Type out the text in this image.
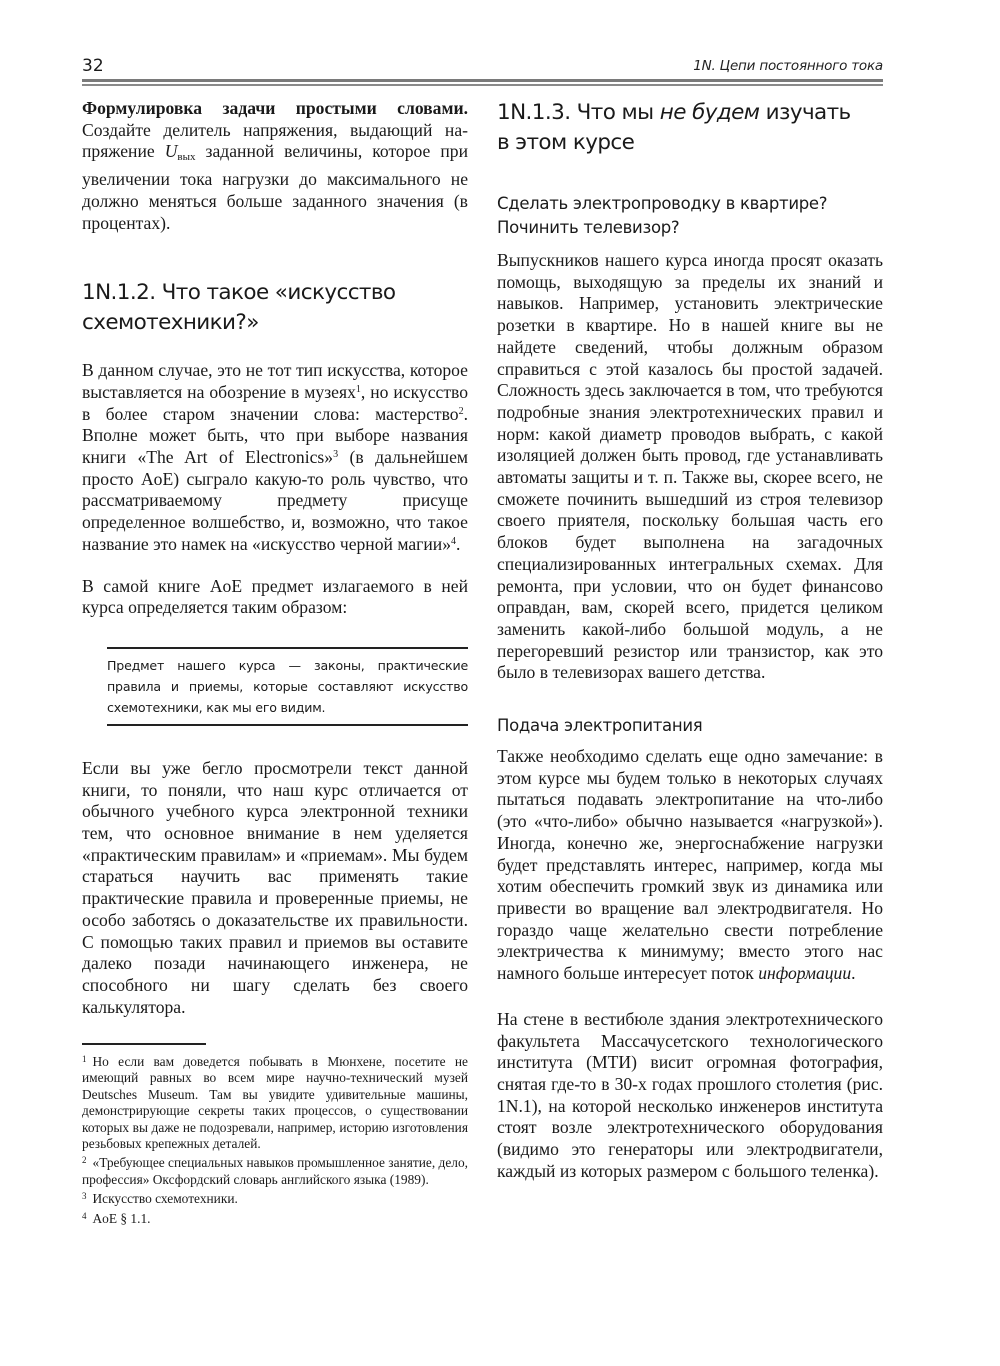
32	1N. Цепи постоянного тока

Формулировка задачи простыми словами. Создайте делитель напряжения, выдающий напряжение $U_{вых}$ заданной величины, которое при увеличении тока нагрузки до максимального не должно меняться больше заданного значения (в процентах).

1N.1.2. Что такое «искусство
схемотехники?»

В данном случае, это не тот тип искусства, которое выставляется на обозрение в музеях$^1$, но искусство в более старом значении слова: мастерство$^2$. Вполне может быть, что при выборе названия книги «The Art of Electronics»$^3$ (в дальнейшем просто AoE) сыграло какую-то роль чувство, что рассматриваемому предмету присуще определенное волшебство, и, возможно, что такое название это намек на «искусство черной магии»$^4$.

В самой книге AoE предмет излагаемого в ней курса определяется таким образом:

Предмет нашего курса — законы, практические правила и приемы, которые составляют искусство схемотехники, как мы его видим.

Если вы уже бегло просмотрели текст данной книги, то поняли, что наш курс отличается от обычного учебного курса электронной техники тем, что основное внимание в нем уделяется «практическим правилам» и «приемам». Мы будем стараться научить вас применять такие практические правила и проверенные приемы, не особо заботясь о доказательстве их правильности. С помощью таких правил и приемов вы оставите далеко позади начинающего инженера, не способного ни шагу сделать без своего калькулятора.

$^1$ Но если вам доведется побывать в Мюнхене, посетите не имеющий равных во всем мире научно-технический музей Deutsches Museum. Там вы увидите удивительные машины, демонстрирующие секреты таких процессов, о существовании которых вы даже не подозревали, например, историю изготовления резьбовых крепежных деталей.

$^2$ «Требующее специальных навыков промышленное занятие, дело, профессия» Оксфордский словарь английского языка (1989).

$^3$ Искусство схемотехники.

$^4$ AoE § 1.1.

1N.1.3. Что мы не будем изучать
в этом курсе
Сделать электропроводку в квартире?
Починить телевизор?

Выпускников нашего курса иногда просят оказать помощь, выходящую за пределы их знаний и навыков. Например, установить электрические розетки в квартире. Но в нашей книге вы не найдете сведений, чтобы должным образом справиться с этой казалось бы простой задачей. Сложность здесь заключается в том, что требуются подробные знания электротехнических правил и норм: какой диаметр проводов выбрать, с какой изоляцией должен быть провод, где устанавливать автоматы защиты и т. п. Также вы, скорее всего, не сможете починить вышедший из строя телевизор своего приятеля, поскольку большая часть его блоков будет выполнена на загадочных специализированных интегральных схемах. Для ремонта, при условии, что он будет финансово оправдан, вам, скорей всего, придется целиком заменить какой-либо большой модуль, а не перегоревший резистор или транзистор, как это было в телевизорах вашего детства.

Подача электропитания

Также необходимо сделать еще одно замечание: в этом курсе мы будем только в некоторых случаях пытаться подавать электропитание на что-либо (это «что-либо» обычно называется «нагрузкой»). Иногда, конечно же, энергоснабжение нагрузки будет представлять интерес, например, когда мы хотим обеспечить громкий звук из динамика или привести во вращение вал электродвигателя. Но гораздо чаще желательно свести потребление электричества к минимуму; вместо этого нас намного больше интересует поток информации.

На стене в вестибюле здания электротехнического факультета Массачусетского технологического института (МТИ) висит огромная фотография, снятая где-то в 30-х годах прошлого столетия (рис. 1N.1), на которой несколько инженеров института стоят возле электротехнического оборудования (видимо это генераторы или электродвигатели, каждый из которых размером с большого теленка).
